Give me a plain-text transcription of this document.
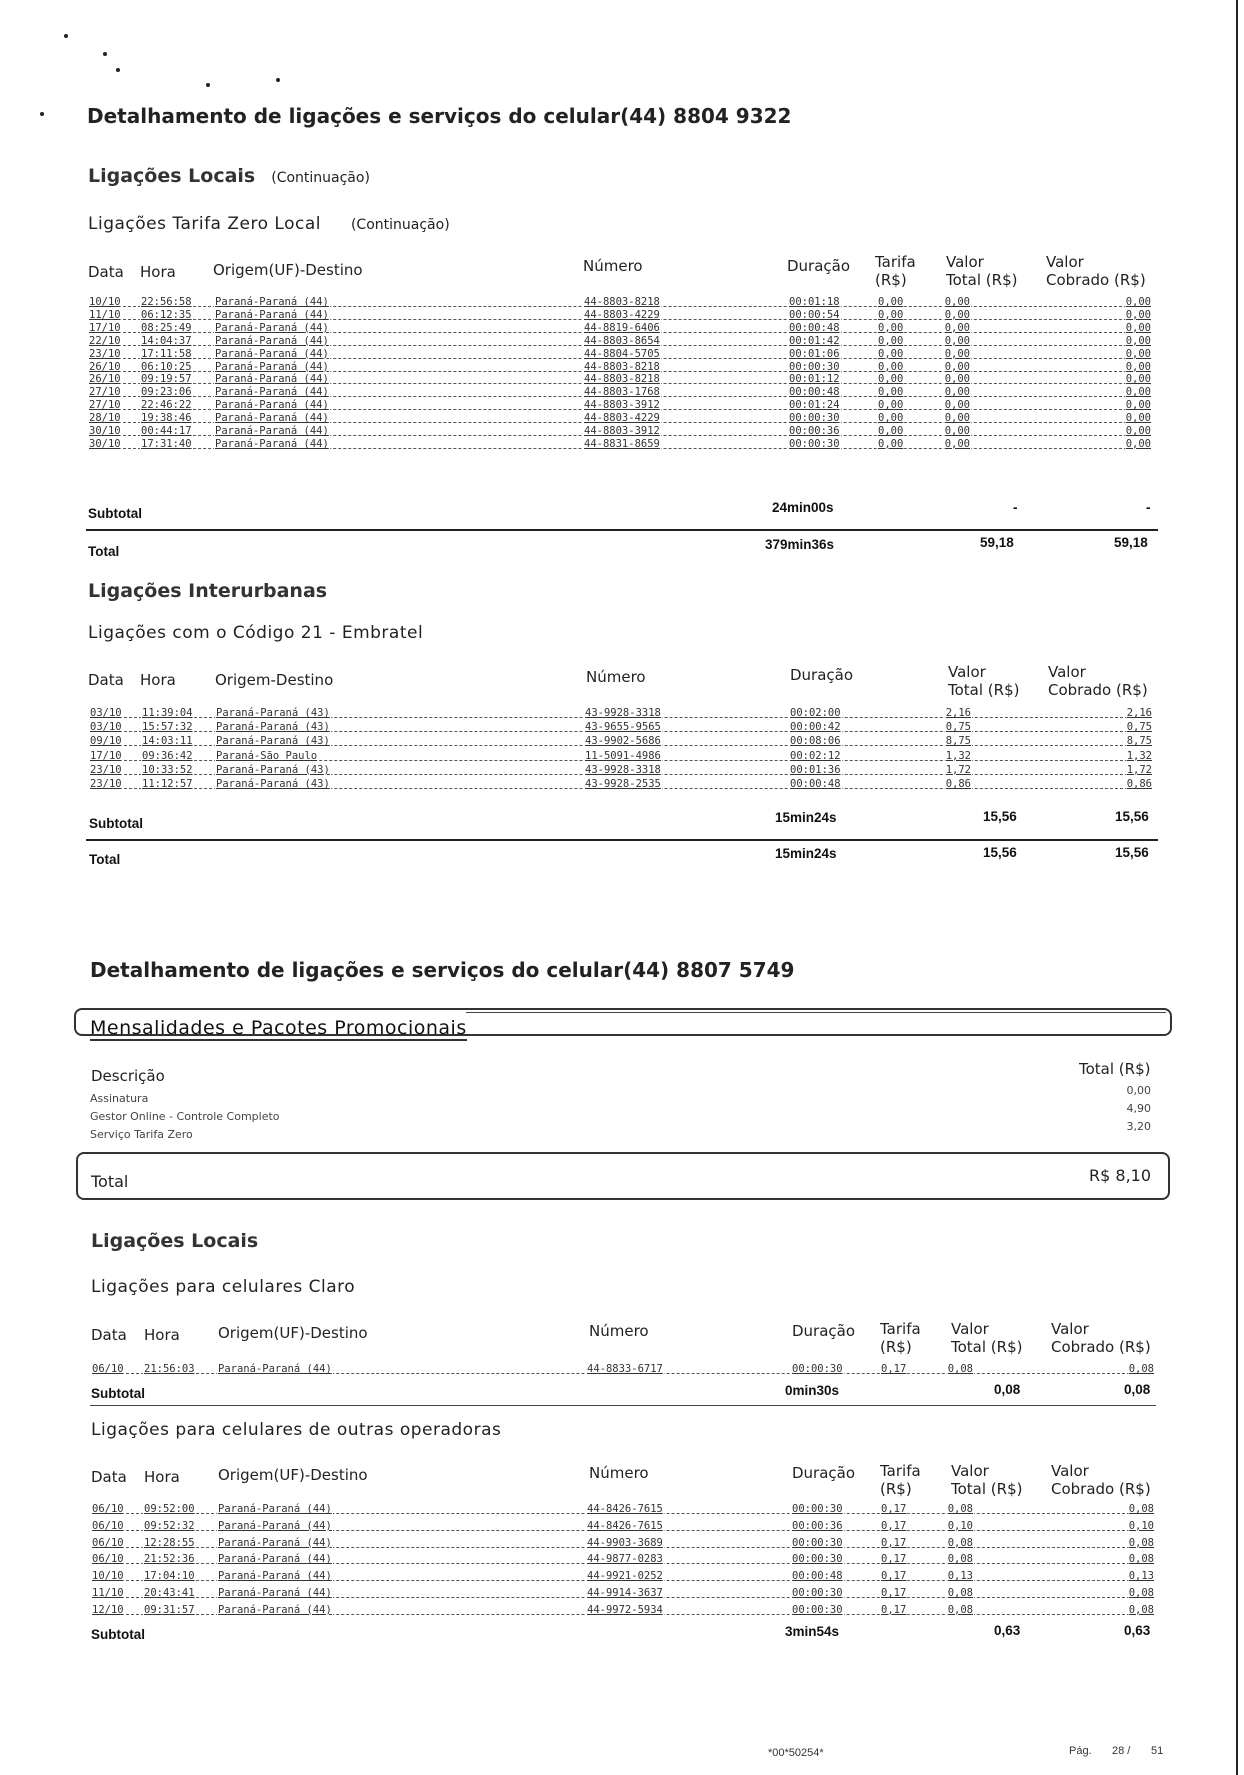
Detalhamento de ligações e serviços do celular(44) 8804 9322
Ligações Locais (Continuação)
Ligações Tarifa Zero Local (Continuação)
Data Hora Origem(UF)-Destino	Número	Duração Tarifa
(R$)
Valor
Total (R$)
Valor
Cobrado (R$)
10/10 22:56:58 Paraná-Paraná (44)	44-8803-8218	00:01:18	0,00	0,00	0,00
11/10 06:12:35 Paraná-Paraná (44)	44-8803-4229	00:00:54	0,00	0,00	0,00
17/10 08:25:49 Paraná-Paraná (44)	44-8819-6406	00:00:48	0,00	0,00	0,00
22/10 14:04:37 Paraná-Paraná (44)	44-8803-8654	00:01:42	0,00	0,00	0,00
23/10 17:11:58 Paraná-Paraná (44)	44-8804-5705	00:01:06	0,00	0,00	0,00
26/10 06:10:25 Paraná-Paraná (44)	44-8803-8218	00:00:30	0,00	0,00	0,00
26/10 09:19:57 Paraná-Paraná (44)	44-8803-8218	00:01:12	0,00	0,00	0,00
27/10 09:23:06 Paraná-Paraná (44)	44-8803-1768	00:00:48	0,00	0,00	0,00
27/10 22:46:22 Paraná-Paraná (44)	44-8803-3912	00:01:24	0,00	0,00	0,00
28/10 19:38:46 Paraná-Paraná (44)	44-8803-4229	00:00:30	0,00	0,00	0,00
30/10 00:44:17 Paraná-Paraná (44)	44-8803-3912	00:00:36	0,00	0,00	0,00
30/10 17:31:40 Paraná-Paraná (44)	44-8831-8659	00:00:30	0,00	0,00	0,00
Subtotal	24min00s	-	-
Total	379min36s	59,18	59,18
Ligações Interurbanas
Ligações com o Código 21 - Embratel
Data Hora	Origem-Destino	Número	Duração	Valor
Total (R$)
Valor
Cobrado (R$)
03/10 11:39:04 Paraná-Paraná (43)	43-9928-3318	00:02:00	2,16	2,16
03/10 15:57:32 Paraná-Paraná (43)	43-9655-9565	00:00:42	0,75	0,75
09/10 14:03:11 Paraná-Paraná (43)	43-9902-5686	00:08:06	8,75	8,75
17/10 09:36:42 Paraná-São Paulo	11-5091-4986	00:02:12	1,32	1,32
23/10 10:33:52 Paraná-Paraná (43)	43-9928-3318	00:01:36	1,72	1,72
23/10 11:12:57 Paraná-Paraná (43)	43-9928-2535	00:00:48	0,86	0,86
Subtotal	15min24s	15,56	15,56
Total	15min24s	15,56	15,56
Detalhamento de ligações e serviços do celular(44) 8807 5749
Mensalidades e Pacotes Promocionais
Descrição	Total (R$)
Assinatura
0,00
Gestor Online - Controle Completo
4,90
Serviço Tarifa Zero
3,20
Total	R$ 8,10
Ligações Locais
Ligações para celulares Claro
Data Hora	Origem(UF)-Destino	Número	Duração Tarifa
(R$)
Valor
Total (R$)
Valor
Cobrado (R$)
06/10 21:56:03 Paraná-Paraná (44)	44-8833-6717	00:00:30	0,17	0,08	0,08
Subtotal	0min30s	0,08	0,08
Ligações para celulares de outras operadoras
Data Hora	Origem(UF)-Destino	Número	Duração Tarifa
(R$)
Valor
Total (R$)
Valor
Cobrado (R$)
06/10 09:52:00 Paraná-Paraná (44)	44-8426-7615	00:00:30	0,17	0,08	0,08
06/10 09:52:32 Paraná-Paraná (44)	44-8426-7615	00:00:36	0,17	0,10	0,10
06/10 12:28:55 Paraná-Paraná (44)	44-9903-3689	00:00:30	0,17	0,08	0,08
06/10 21:52:36 Paraná-Paraná (44)	44-9877-0283	00:00:30	0,17	0,08	0,08
10/10 17:04:10 Paraná-Paraná (44)	44-9921-0252	00:00:48	0,17	0,13	0,13
11/10 20:43:41 Paraná-Paraná (44)	44-9914-3637	00:00:30	0,17	0,08	0,08
12/10 09:31:57 Paraná-Paraná (44)	44-9972-5934	00:00:30	0,17	0,08	0,08
Subtotal	3min54s	0,63	0,63
*00*50254*	Pág. 28 / 51
